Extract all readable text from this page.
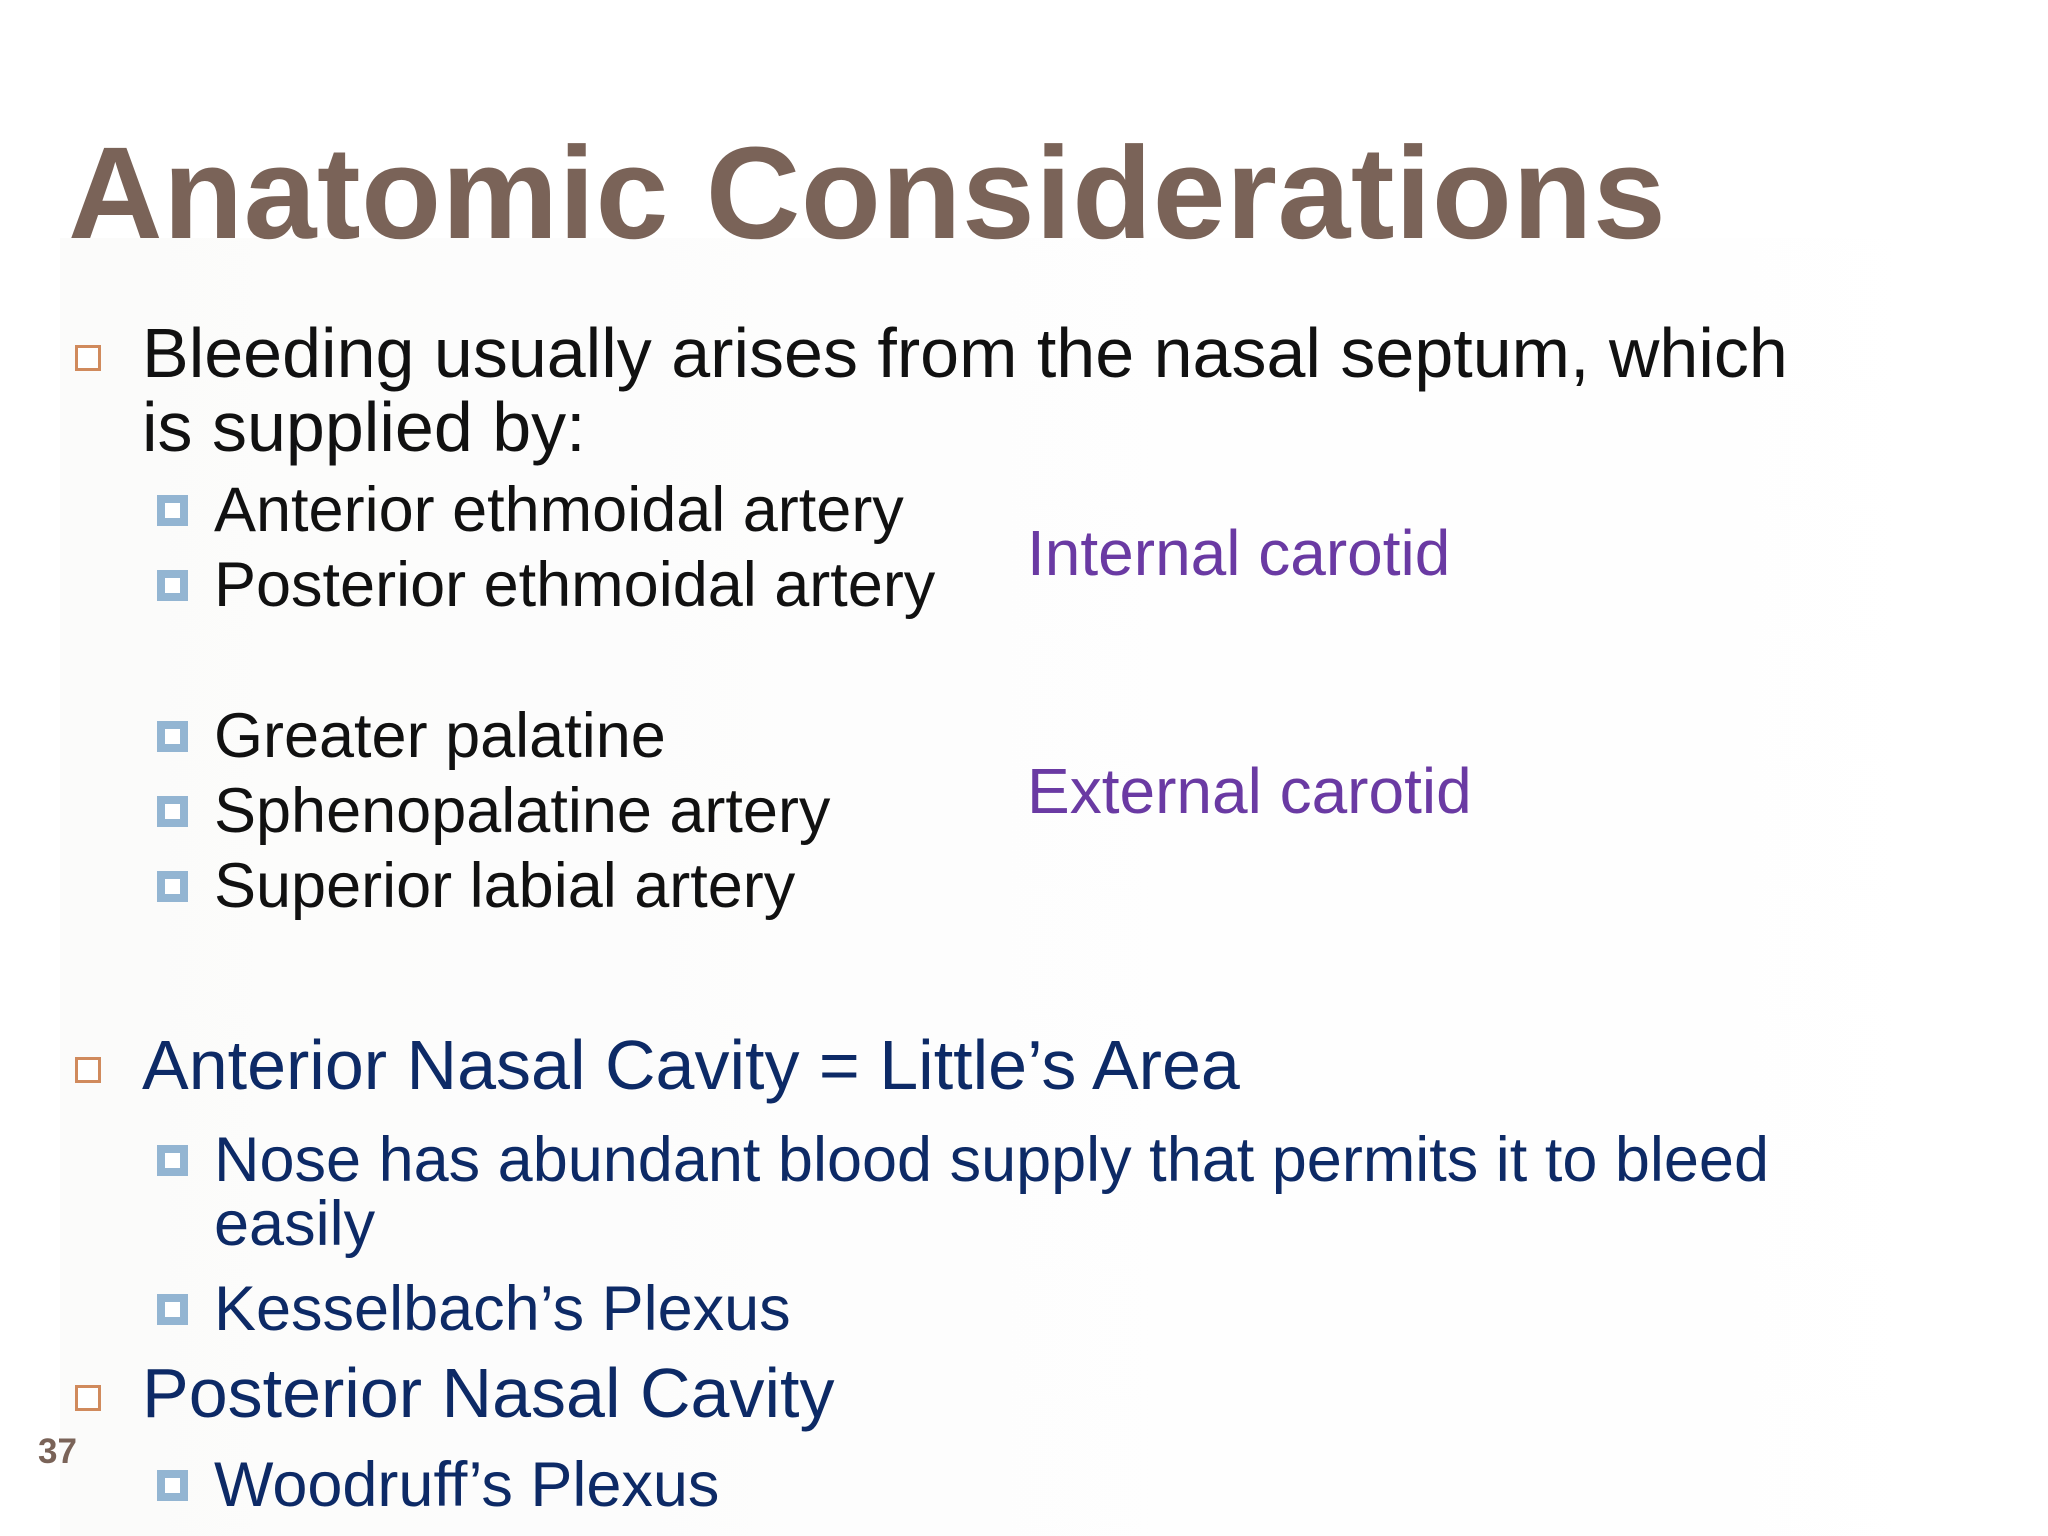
Anatomic Considerations
Bleeding usually arises from the nasal septum, which
is supplied by:
Anterior ethmoidal artery
Posterior ethmoidal artery Internal carotid
Greater palatine
Sphenopalatine artery
Superior labial artery
External carotid
Anterior Nasal Cavity = Little’s Area
Nose has abundant blood supply that permits it to bleed
easily
Kesselbach’s Plexus
Posterior Nasal Cavity
Woodruff’s Plexus
37
